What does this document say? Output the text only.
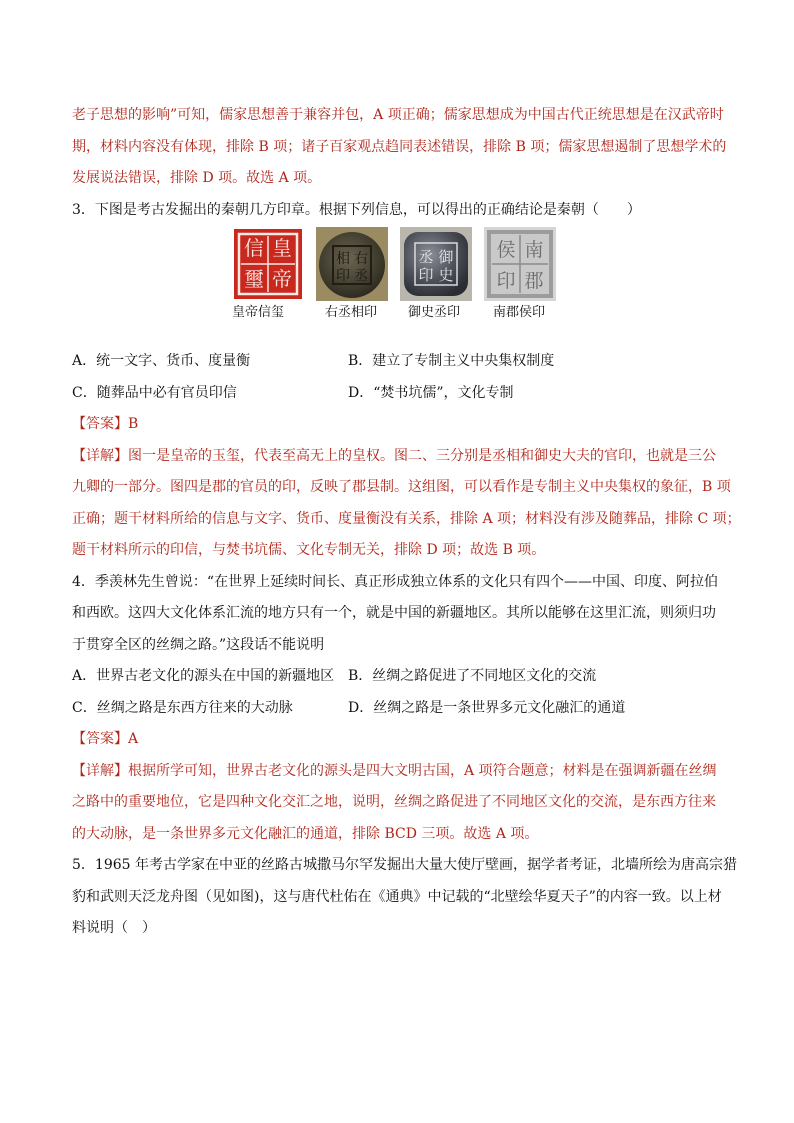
老子思想的影响”可知，儒家思想善于兼容并包，A 项正确；儒家思想成为中国古代正统思想是在汉武帝时
期，材料内容没有体现，排除 B 项；诸子百家观点趋同表述错误，排除 B 项；儒家思想遏制了思想学术的
发展说法错误，排除 D 项。故选 A 项。
3．下图是考古发掘出的秦朝几方印章。根据下列信息，可以得出的正确结论是秦朝（　　）
A．统一文字、货币、度量衡	B．建立了专制主义中央集权制度
C．随葬品中必有官员印信	D．“焚书坑儒”，文化专制
【答案】B
【详解】图一是皇帝的玉玺，代表至高无上的皇权。图二、三分别是丞相和御史大夫的官印，也就是三公
九卿的一部分。图四是郡的官员的印，反映了郡县制。这组图，可以看作是专制主义中央集权的象征，B 项
正确；题干材料所给的信息与文字、货币、度量衡没有关系，排除 A 项；材料没有涉及随葬品，排除 C 项；
题干材料所示的印信，与焚书坑儒、文化专制无关，排除 D 项；故选 B 项。
4．季羡林先生曾说：“在世界上延续时间长、真正形成独立体系的文化只有四个——中国、印度、阿拉伯
和西欧。这四大文化体系汇流的地方只有一个，就是中国的新疆地区。其所以能够在这里汇流，则须归功
于贯穿全区的丝绸之路。”这段话不能说明
A．世界古老文化的源头在中国的新疆地区 B．丝绸之路促进了不同地区文化的交流
C．丝绸之路是东西方往来的大动脉	D．丝绸之路是一条世界多元文化融汇的通道
【答案】A
【详解】根据所学可知，世界古老文化的源头是四大文明古国，A 项符合题意；材料是在强调新疆在丝绸
之路中的重要地位，它是四种文化交汇之地，说明，丝绸之路促进了不同地区文化的交流，是东西方往来
的大动脉，是一条世界多元文化融汇的通道，排除 BCD 三项。故选 A 项。
5．1965 年考古学家在中亚的丝路古城撒马尔罕发掘出大量大使厅壁画，据学者考证，北墙所绘为唐高宗猎
豹和武则天泛龙舟图（见如图)，这与唐代杜佑在《通典》中记载的“北壁绘华夏天子”的内容一致。以上材
料说明（　）
皇
帝
信
璽
右
丞
相
印
御
史
丞
印
南
郡
侯
印
皇帝信玺	右丞相印 御史丞印	南郡侯印
